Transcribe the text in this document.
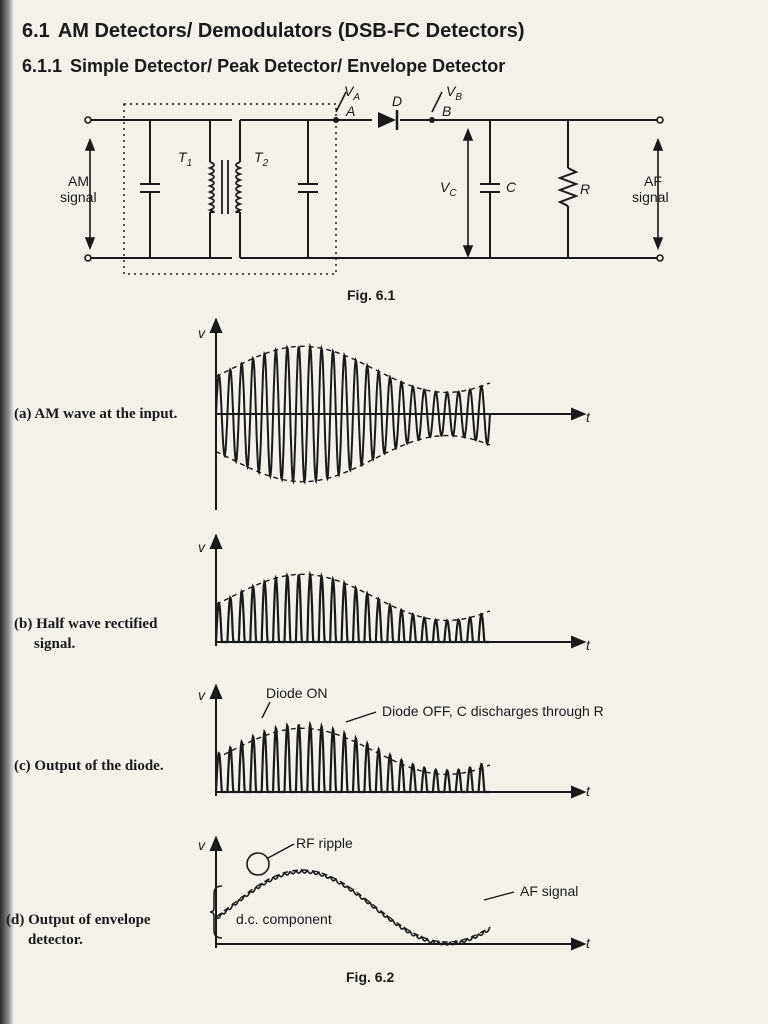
6.1 AM Detectors/ Demodulators (DSB-FC Detectors)
6.1.1 Simple Detector/ Peak Detector/ Envelope Detector
AM
signal
AF
signal
$T_1$	$T_2$
$V_A$	$V_B$
A	B
D
$V_C$	C	R
Fig. 6.1
v
t
v
t
v
t
v
t
Diode ON
Diode OFF, C discharges through R
RF ripple
AF signal
d.c. component
Fig. 6.2
(a) AM wave at the input.
(b) Half wave rectified
signal.
(c) Output of the diode.
(d) Output of envelope
detector.
